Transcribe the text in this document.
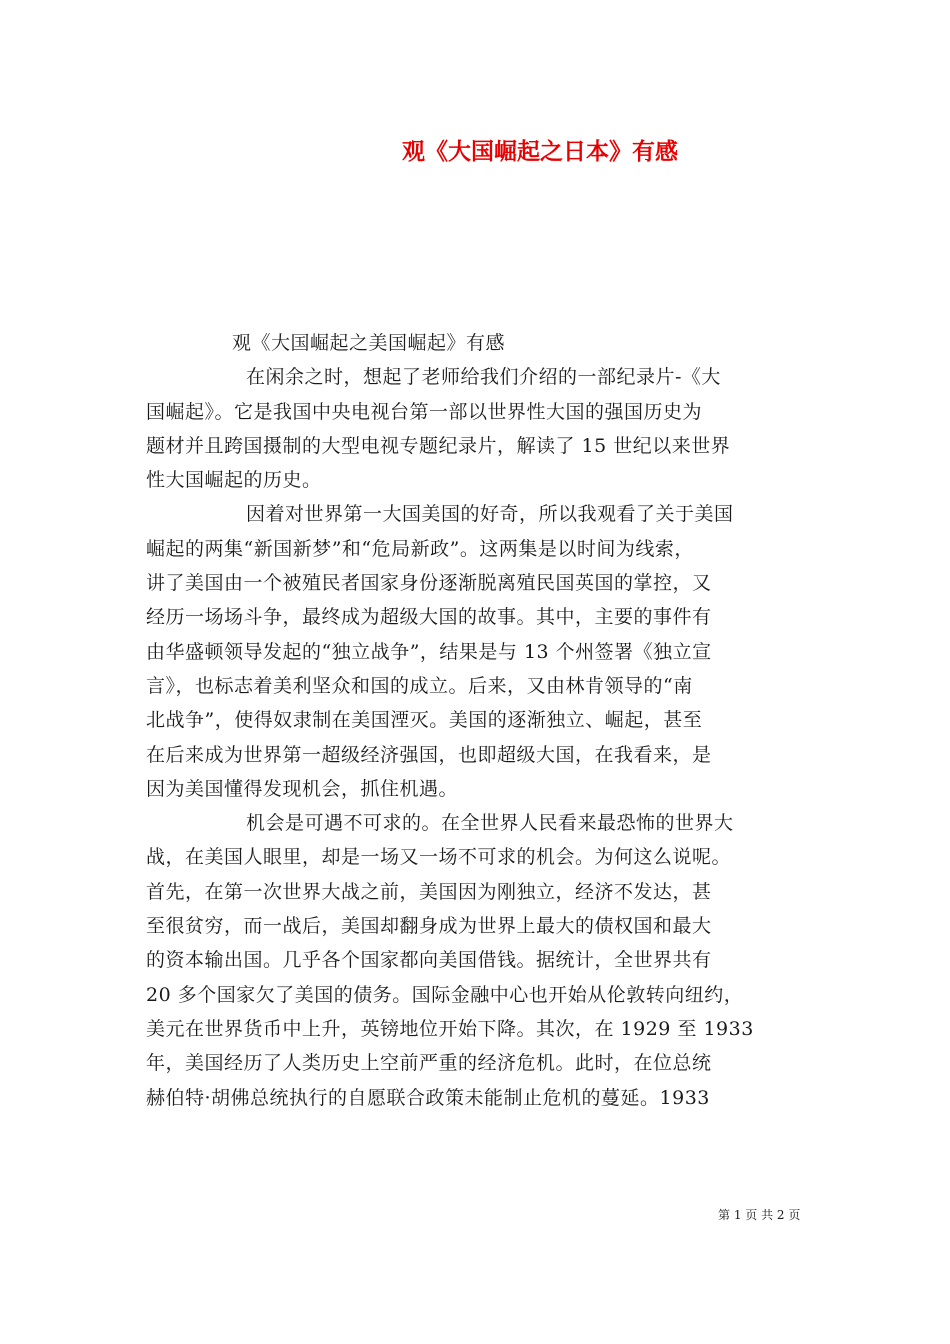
观《大国崛起之日本》有感
观《大国崛起之美国崛起》有感
在闲余之时，想起了老师给我们介绍的一部纪录片-《大
国崛起》。它是我国中央电视台第一部以世界性大国的强国历史为
题材并且跨国摄制的大型电视专题纪录片，解读了 15 世纪以来世界
性大国崛起的历史。
因着对世界第一大国美国的好奇，所以我观看了关于美国
崛起的两集“新国新梦”和“危局新政”。这两集是以时间为线索，
讲了美国由一个被殖民者国家身份逐渐脱离殖民国英国的掌控，又
经历一场场斗争，最终成为超级大国的故事。其中，主要的事件有
由华盛顿领导发起的“独立战争”，结果是与 13 个州签署《独立宣
言》，也标志着美利坚众和国的成立。后来，又由林肯领导的“南
北战争”，使得奴隶制在美国湮灭。美国的逐渐独立、崛起，甚至
在后来成为世界第一超级经济强国，也即超级大国，在我看来，是
因为美国懂得发现机会，抓住机遇。
机会是可遇不可求的。在全世界人民看来最恐怖的世界大
战，在美国人眼里，却是一场又一场不可求的机会。为何这么说呢。
首先，在第一次世界大战之前，美国因为刚独立，经济不发达，甚
至很贫穷，而一战后，美国却翻身成为世界上最大的债权国和最大
的资本输出国。几乎各个国家都向美国借钱。据统计，全世界共有
20 多个国家欠了美国的债务。国际金融中心也开始从伦敦转向纽约，
美元在世界货币中上升，英镑地位开始下降。其次，在 1929 至 1933
年，美国经历了人类历史上空前严重的经济危机。此时，在位总统
赫伯特·胡佛总统执行的自愿联合政策未能制止危机的蔓延。1933
第 1 页 共 2 页
